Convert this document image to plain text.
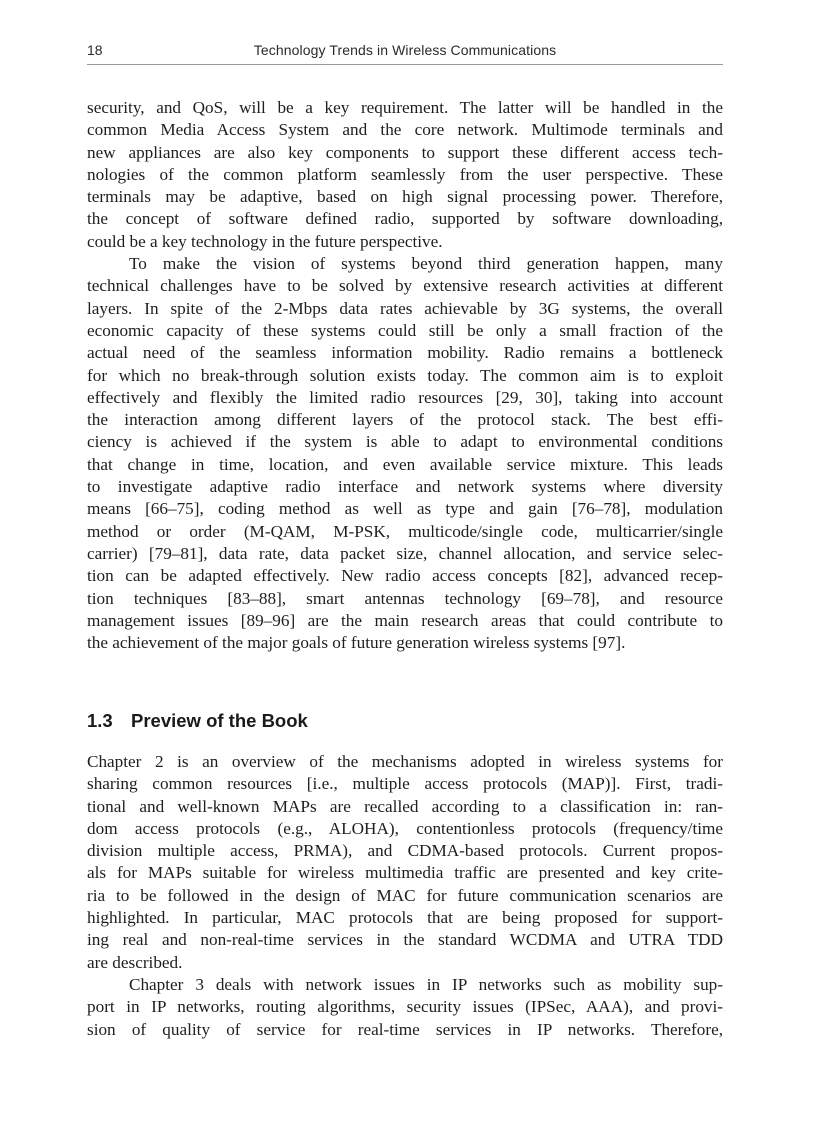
18	Technology Trends in Wireless Communications
security, and QoS, will be a key requirement. The latter will be handled in the
common Media Access System and the core network. Multimode terminals and
new appliances are also key components to support these different access tech-
nologies of the common platform seamlessly from the user perspective. These
terminals may be adaptive, based on high signal processing power. Therefore,
the concept of software defined radio, supported by software downloading,
could be a key technology in the future perspective.
To make the vision of systems beyond third generation happen, many
technical challenges have to be solved by extensive research activities at different
layers. In spite of the 2-Mbps data rates achievable by 3G systems, the overall
economic capacity of these systems could still be only a small fraction of the
actual need of the seamless information mobility. Radio remains a bottleneck
for which no break-through solution exists today. The common aim is to exploit
effectively and flexibly the limited radio resources [29, 30], taking into account
the interaction among different layers of the protocol stack. The best effi-
ciency is achieved if the system is able to adapt to environmental conditions
that change in time, location, and even available service mixture. This leads
to investigate adaptive radio interface and network systems where diversity
means [66–75], coding method as well as type and gain [76–78], modulation
method or order (M-QAM, M-PSK, multicode/single code, multicarrier/single
carrier) [79–81], data rate, data packet size, channel allocation, and service selec-
tion can be adapted effectively. New radio access concepts [82], advanced recep-
tion techniques [83–88], smart antennas technology [69–78], and resource
management issues [89–96] are the main research areas that could contribute to
the achievement of the major goals of future generation wireless systems [97].
1.3 Preview of the Book
Chapter 2 is an overview of the mechanisms adopted in wireless systems for
sharing common resources [i.e., multiple access protocols (MAP)]. First, tradi-
tional and well-known MAPs are recalled according to a classification in: ran-
dom access protocols (e.g., ALOHA), contentionless protocols (frequency/time
division multiple access, PRMA), and CDMA-based protocols. Current propos-
als for MAPs suitable for wireless multimedia traffic are presented and key crite-
ria to be followed in the design of MAC for future communication scenarios are
highlighted. In particular, MAC protocols that are being proposed for support-
ing real and non-real-time services in the standard WCDMA and UTRA TDD
are described.
Chapter 3 deals with network issues in IP networks such as mobility sup-
port in IP networks, routing algorithms, security issues (IPSec, AAA), and provi-
sion of quality of service for real-time services in IP networks. Therefore,
